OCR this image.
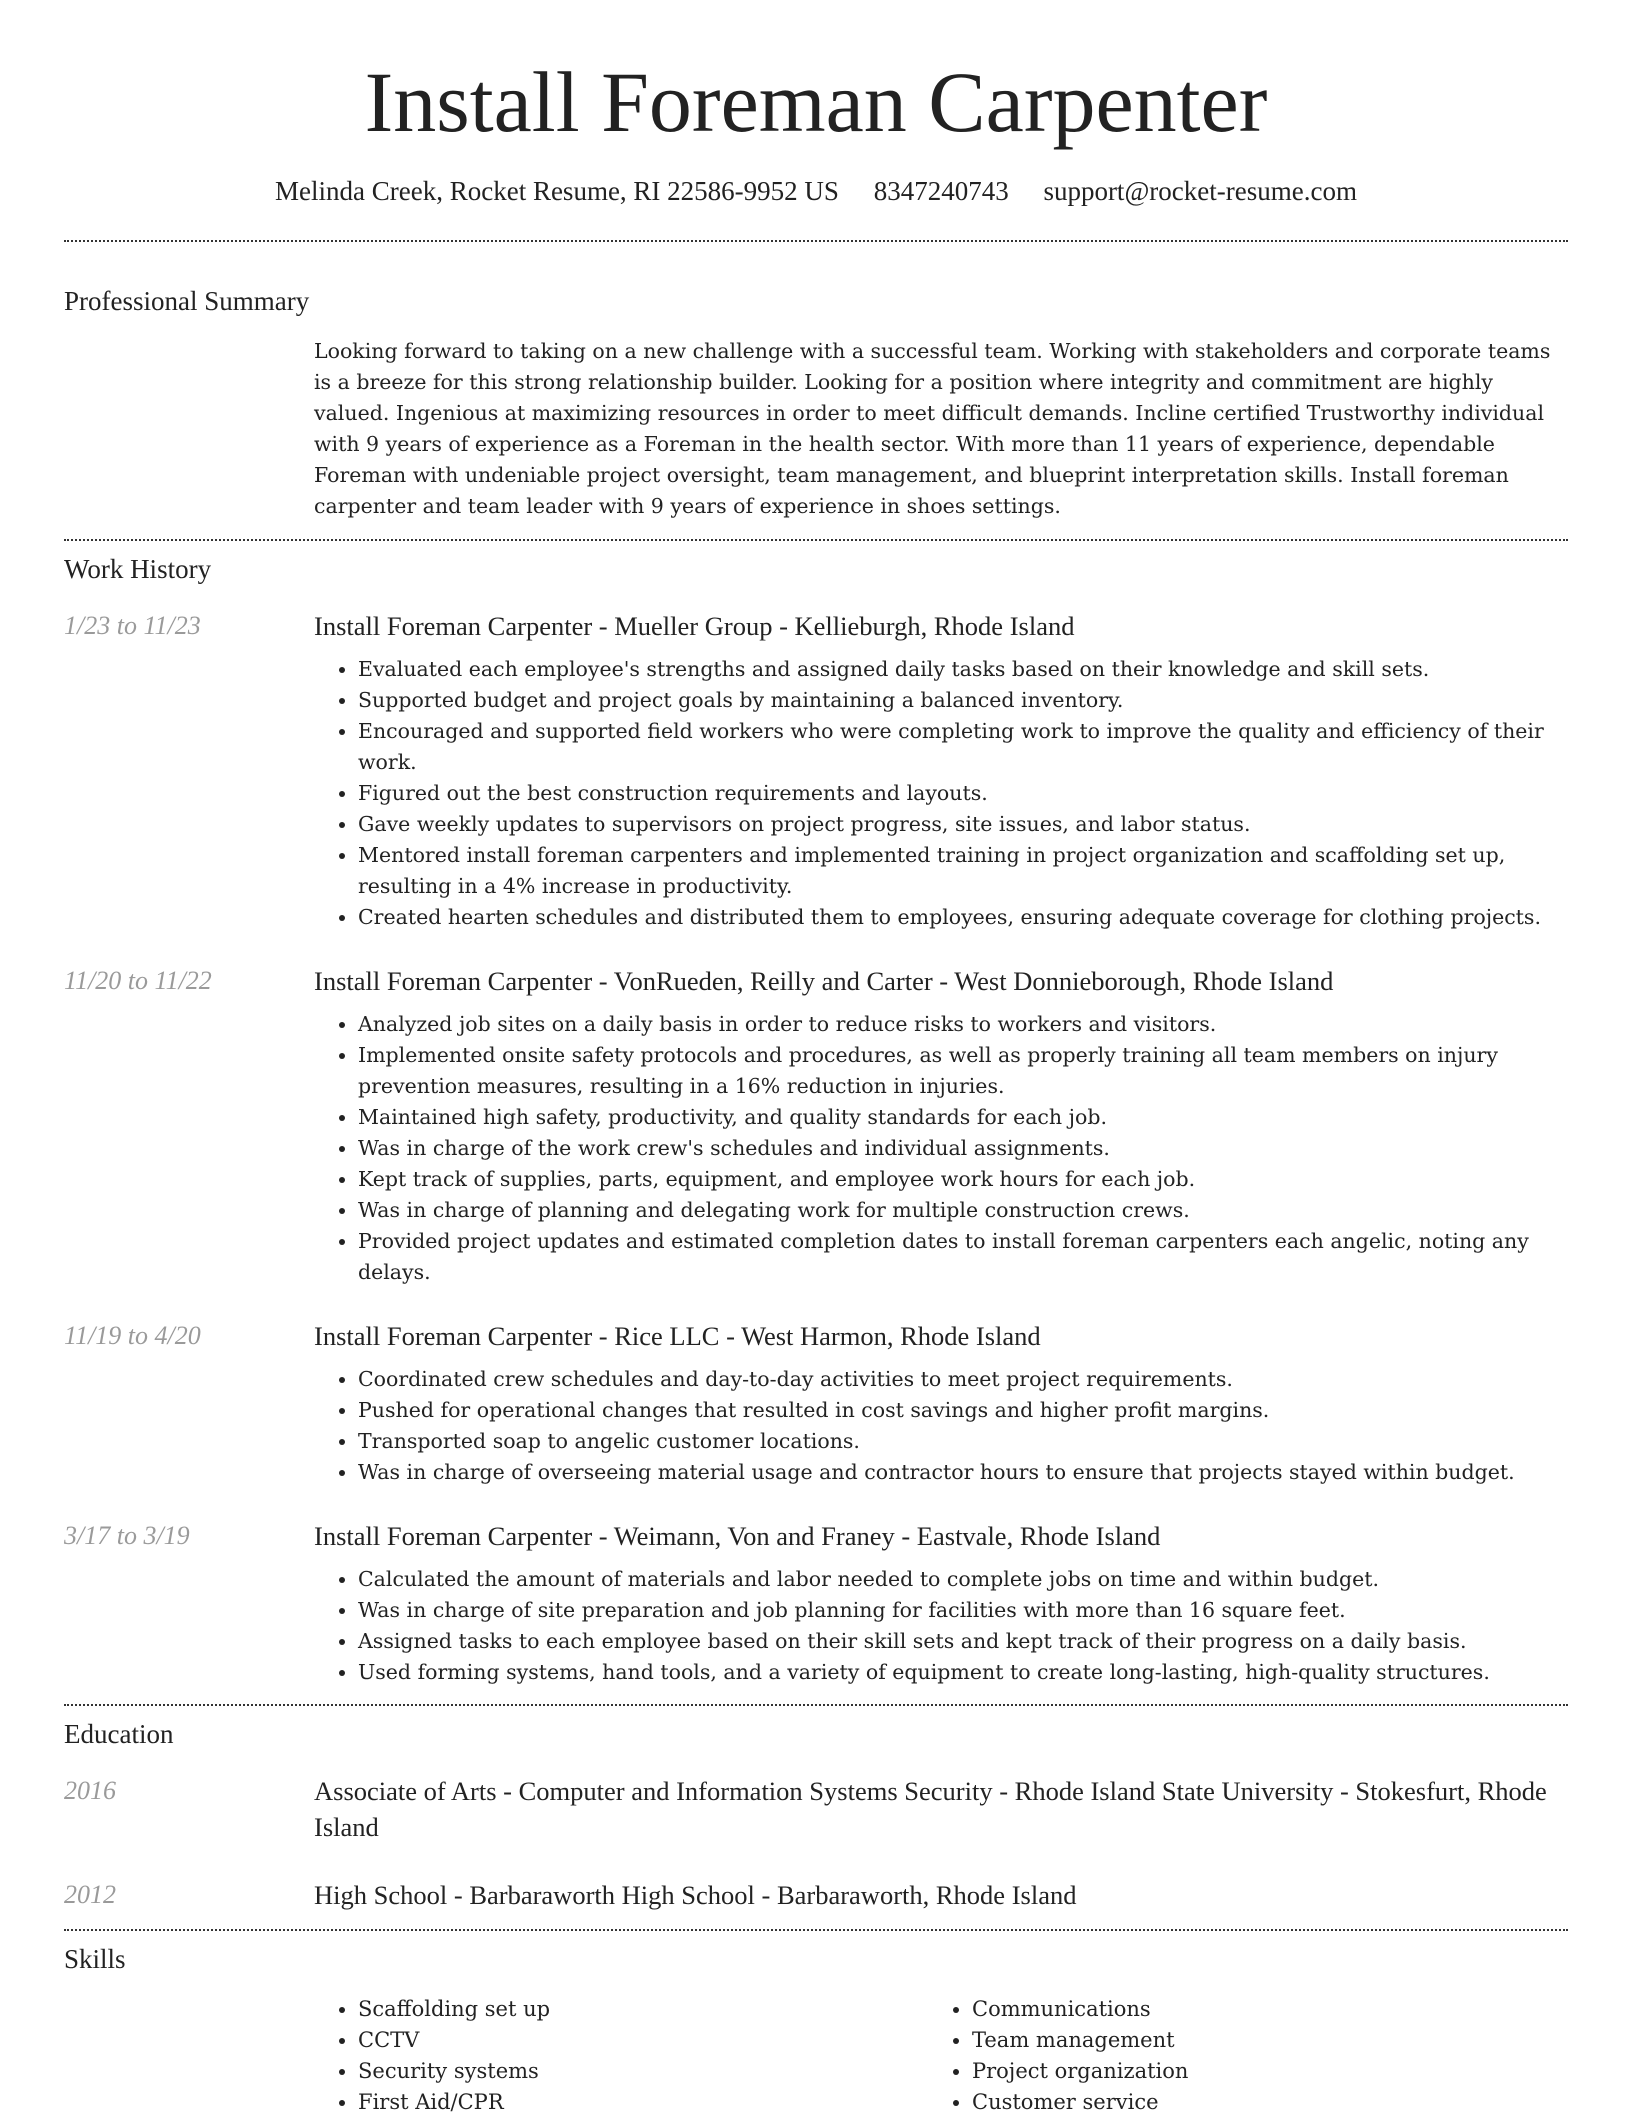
Install Foreman Carpenter
Melinda Creek, Rocket Resume, RI 22586-9952 US 8347240743 support@rocket-resume.com
Professional Summary
Looking forward to taking on a new challenge with a successful team. Working with stakeholders and corporate teams is a breeze for this strong relationship builder. Looking for a position where integrity and commitment are highly valued. Ingenious at maximizing resources in order to meet difficult demands. Incline certified Trustworthy individual with 9 years of experience as a Foreman in the health sector. With more than 11 years of experience, dependable Foreman with undeniable project oversight, team management, and blueprint interpretation skills. Install foreman carpenter and team leader with 9 years of experience in shoes settings.
Work History
1/23 to 11/23	Install Foreman Carpenter - Mueller Group - Kellieburgh, Rhode Island
• Evaluated each employee's strengths and assigned daily tasks based on their knowledge and skill sets.
• Supported budget and project goals by maintaining a balanced inventory.
• Encouraged and supported field workers who were completing work to improve the quality and efficiency of their work.
• Figured out the best construction requirements and layouts.
• Gave weekly updates to supervisors on project progress, site issues, and labor status.
• Mentored install foreman carpenters and implemented training in project organization and scaffolding set up, resulting in a 4% increase in productivity.
• Created hearten schedules and distributed them to employees, ensuring adequate coverage for clothing projects.
11/20 to 11/22	Install Foreman Carpenter - VonRueden, Reilly and Carter - West Donnieborough, Rhode Island
• Analyzed job sites on a daily basis in order to reduce risks to workers and visitors.
• Implemented onsite safety protocols and procedures, as well as properly training all team members on injury prevention measures, resulting in a 16% reduction in injuries.
• Maintained high safety, productivity, and quality standards for each job.
• Was in charge of the work crew's schedules and individual assignments.
• Kept track of supplies, parts, equipment, and employee work hours for each job.
• Was in charge of planning and delegating work for multiple construction crews.
• Provided project updates and estimated completion dates to install foreman carpenters each angelic, noting any delays.
11/19 to 4/20	Install Foreman Carpenter - Rice LLC - West Harmon, Rhode Island
• Coordinated crew schedules and day-to-day activities to meet project requirements.
• Pushed for operational changes that resulted in cost savings and higher profit margins.
• Transported soap to angelic customer locations.
• Was in charge of overseeing material usage and contractor hours to ensure that projects stayed within budget.
3/17 to 3/19	Install Foreman Carpenter - Weimann, Von and Franey - Eastvale, Rhode Island
• Calculated the amount of materials and labor needed to complete jobs on time and within budget.
• Was in charge of site preparation and job planning for facilities with more than 16 square feet.
• Assigned tasks to each employee based on their skill sets and kept track of their progress on a daily basis.
• Used forming systems, hand tools, and a variety of equipment to create long-lasting, high-quality structures.
Education
2016	Associate of Arts - Computer and Information Systems Security - Rhode Island State University - Stokesfurt, Rhode Island
2012	High School - Barbaraworth High School - Barbaraworth, Rhode Island
Skills
• Scaffolding set up
• CCTV
• Security systems
• First Aid/CPR
• Communications
• Team management
• Project organization
• Customer service
